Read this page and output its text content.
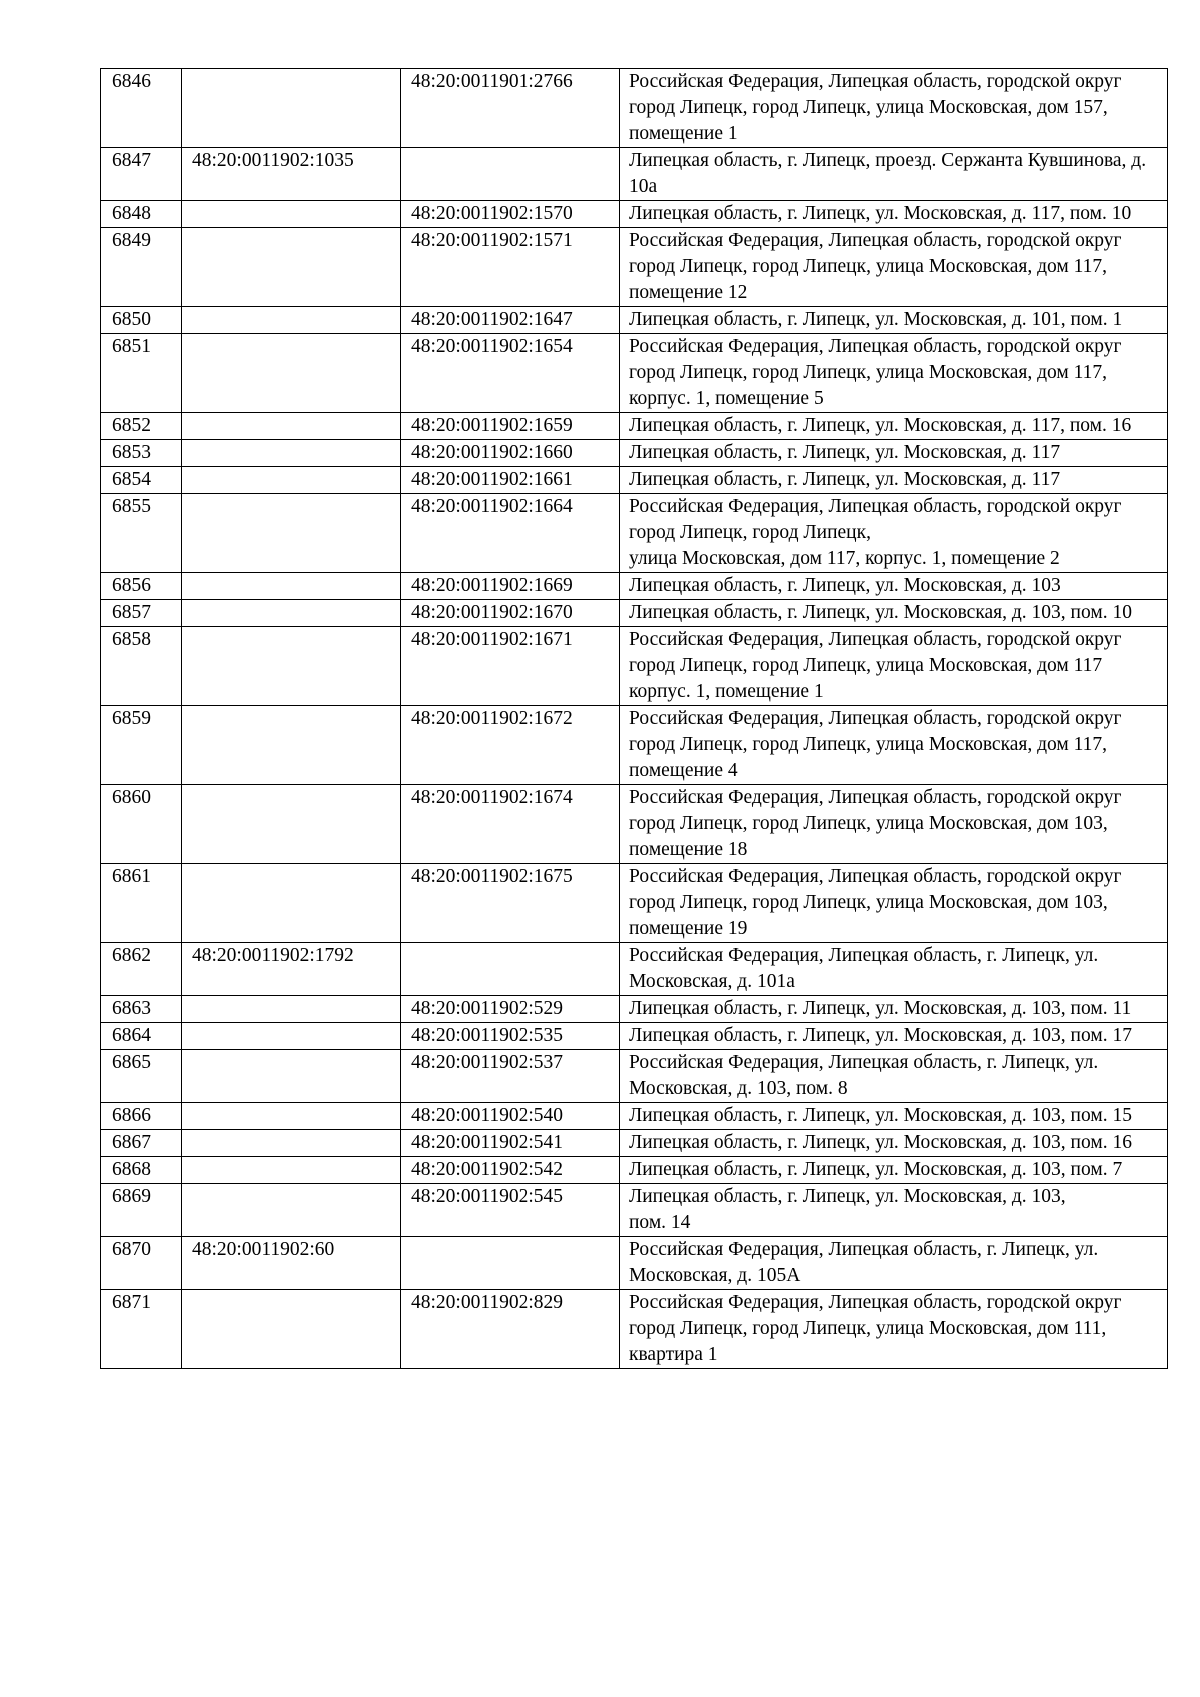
6846		48:20:0011901:2766	Российская Федерация, Липецкая область, городской округ город Липецк, город Липецк, улица Московская, дом 157, помещение 1
6847	48:20:0011902:1035		Липецкая область, г. Липецк, проезд. Сержанта Кувшинова, д. 10а
6848		48:20:0011902:1570	Липецкая область, г. Липецк, ул. Московская, д. 117, пом. 10
6849		48:20:0011902:1571	Российская Федерация, Липецкая область, городской округ город Липецк, город Липецк, улица Московская, дом 117, помещение 12
6850		48:20:0011902:1647	Липецкая область, г. Липецк, ул. Московская, д. 101, пом. 1
6851		48:20:0011902:1654	Российская Федерация, Липецкая область, городской округ город Липецк, город Липецк, улица Московская, дом 117, корпус. 1, помещение 5
6852		48:20:0011902:1659	Липецкая область, г. Липецк, ул. Московская, д. 117, пом. 16
6853		48:20:0011902:1660	Липецкая область, г. Липецк, ул. Московская, д. 117
6854		48:20:0011902:1661	Липецкая область, г. Липецк, ул. Московская, д. 117
6855		48:20:0011902:1664	Российская Федерация, Липецкая область, городской округ город Липецк, город Липецк,
улица Московская, дом 117, корпус. 1, помещение 2
6856		48:20:0011902:1669	Липецкая область, г. Липецк, ул. Московская, д. 103
6857		48:20:0011902:1670	Липецкая область, г. Липецк, ул. Московская, д. 103, пом. 10
6858		48:20:0011902:1671	Российская Федерация, Липецкая область, городской округ город Липецк, город Липецк, улица Московская, дом 117 корпус. 1, помещение 1
6859		48:20:0011902:1672	Российская Федерация, Липецкая область, городской округ город Липецк, город Липецк, улица Московская, дом 117, помещение 4
6860		48:20:0011902:1674	Российская Федерация, Липецкая область, городской округ город Липецк, город Липецк, улица Московская, дом 103, помещение 18
6861		48:20:0011902:1675	Российская Федерация, Липецкая область, городской округ город Липецк, город Липецк, улица Московская, дом 103, помещение 19
6862	48:20:0011902:1792		Российская Федерация, Липецкая область, г. Липецк, ул. Московская, д. 101а
6863		48:20:0011902:529	Липецкая область, г. Липецк, ул. Московская, д. 103, пом. 11
6864		48:20:0011902:535	Липецкая область, г. Липецк, ул. Московская, д. 103, пом. 17
6865		48:20:0011902:537	Российская Федерация, Липецкая область, г. Липецк, ул. Московская, д. 103, пом. 8
6866		48:20:0011902:540	Липецкая область, г. Липецк, ул. Московская, д. 103, пом. 15
6867		48:20:0011902:541	Липецкая область, г. Липецк, ул. Московская, д. 103, пом. 16
6868		48:20:0011902:542	Липецкая область, г. Липецк, ул. Московская, д. 103, пом. 7
6869		48:20:0011902:545	Липецкая область, г. Липецк, ул. Московская, д. 103,
пом. 14
6870	48:20:0011902:60		Российская Федерация, Липецкая область, г. Липецк, ул. Московская, д. 105А
6871		48:20:0011902:829	Российская Федерация, Липецкая область, городской округ город Липецк, город Липецк, улица Московская, дом 111, квартира 1
